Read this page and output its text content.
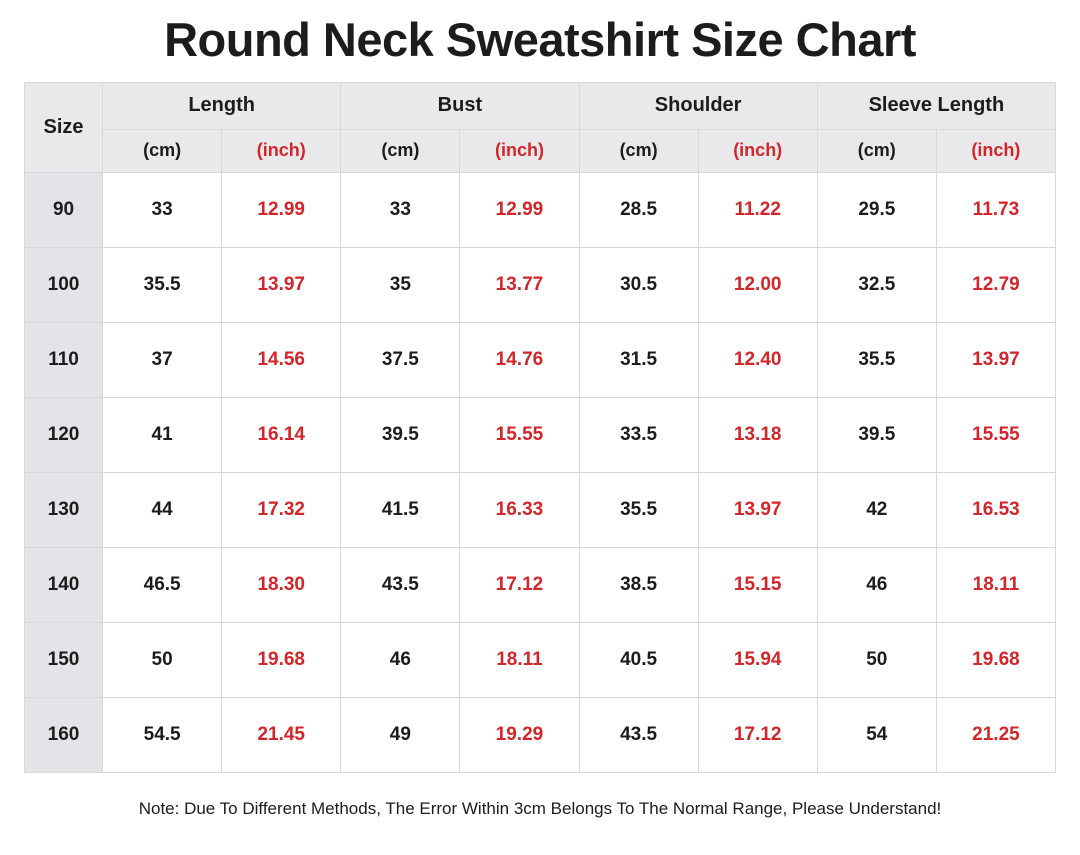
Round Neck Sweatshirt Size Chart
Size	Length		Bust		Shoulder		Sleeve Length	
	(cm)	(inch)	(cm)	(inch)	(cm)	(inch)	(cm)	(inch)
90	33	12.99	33	12.99	28.5	11.22	29.5	11.73
100	35.5	13.97	35	13.77	30.5	12.00	32.5	12.79
110	37	14.56	37.5	14.76	31.5	12.40	35.5	13.97
120	41	16.14	39.5	15.55	33.5	13.18	39.5	15.55
130	44	17.32	41.5	16.33	35.5	13.97	42	16.53
140	46.5	18.30	43.5	17.12	38.5	15.15	46	18.11
150	50	19.68	46	18.11	40.5	15.94	50	19.68
160	54.5	21.45	49	19.29	43.5	17.12	54	21.25
Note: Due To Different Methods, The Error Within 3cm Belongs To The Normal Range, Please Understand!
